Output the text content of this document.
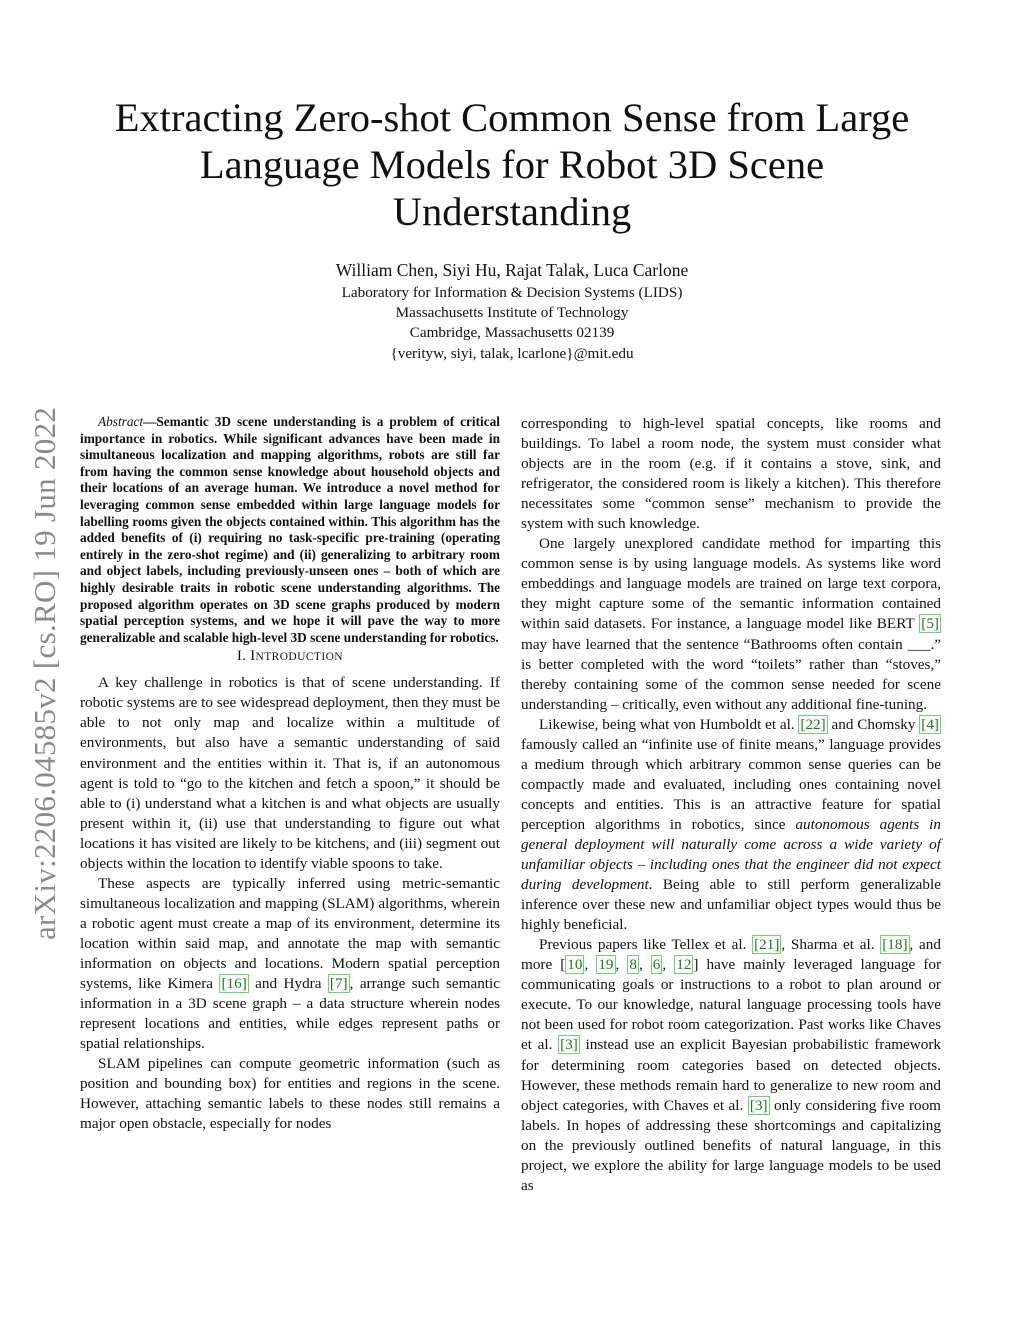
arXiv:2206.04585v2 [cs.RO] 19 Jun 2022
Extracting Zero-shot Common Sense from Large
Language Models for Robot 3D Scene
Understanding
William Chen, Siyi Hu, Rajat Talak, Luca Carlone
Laboratory for Information & Decision Systems (LIDS)
Massachusetts Institute of Technology
Cambridge, Massachusetts 02139
{verityw, siyi, talak, lcarlone}@mit.edu

Abstract—Semantic 3D scene understanding is a problem of critical importance in robotics. While significant advances have been made in simultaneous localization and mapping algorithms, robots are still far from having the common sense knowledge about household objects and their locations of an average human. We introduce a novel method for leveraging common sense embedded within large language models for labelling rooms given the objects contained within. This algorithm has the added benefits of (i) requiring no task-specific pre-training (operating entirely in the zero-shot regime) and (ii) generalizing to arbitrary room and object labels, including previously-unseen ones – both of which are highly desirable traits in robotic scene understanding algorithms. The proposed algorithm operates on 3D scene graphs produced by modern spatial perception systems, and we hope it will pave the way to more generalizable and scalable high-level 3D scene understanding for robotics.

I. INTRODUCTION

A key challenge in robotics is that of scene understanding. If robotic systems are to see widespread deployment, then they must be able to not only map and localize within a multitude of environments, but also have a semantic understanding of said environment and the entities within it. That is, if an autonomous agent is told to “go to the kitchen and fetch a spoon,” it should be able to (i) understand what a kitchen is and what objects are usually present within it, (ii) use that understanding to figure out what locations it has visited are likely to be kitchens, and (iii) segment out objects within the location to identify viable spoons to take.

These aspects are typically inferred using metric-semantic simultaneous localization and mapping (SLAM) algorithms, wherein a robotic agent must create a map of its environment, determine its location within said map, and annotate the map with semantic information on objects and locations. Modern spatial perception systems, like Kimera [16] and Hydra [7] , arrange such semantic information in a 3D scene graph – a data structure wherein nodes represent locations and entities, while edges represent paths or spatial relationships.

SLAM pipelines can compute geometric information (such as position and bounding box) for entities and regions in the scene. However, attaching semantic labels to these nodes still remains a major open obstacle, especially for nodes

corresponding to high-level spatial concepts, like rooms and buildings. To label a room node, the system must consider what objects are in the room (e.g. if it contains a stove, sink, and refrigerator, the considered room is likely a kitchen). This therefore necessitates some “common sense” mechanism to provide the system with such knowledge.

One largely unexplored candidate method for imparting this common sense is by using language models. As systems like word embeddings and language models are trained on large text corpora, they might capture some of the semantic information contained within said datasets. For instance, a language model like BERT [5] may have learned that the sentence “Bathrooms often contain ___.” is better completed with the word “toilets” rather than “stoves,” thereby containing some of the common sense needed for scene understanding – critically, even without any additional fine-tuning.

Likewise, being what von Humboldt et al. [22] and Chomsky [4] famously called an “infinite use of finite means,” language provides a medium through which arbitrary common sense queries can be compactly made and evaluated, including ones containing novel concepts and entities. This is an attractive feature for spatial perception algorithms in robotics, since autonomous agents in general deployment will naturally come across a wide variety of unfamiliar objects – including ones that the engineer did not expect during development. Being able to still perform generalizable inference over these new and unfamiliar object types would thus be highly beneficial.

Previous papers like Tellex et al. [21] , Sharma et al. [18] , and more [ 10 , 19 , 8 , 6 , 12 ] have mainly leveraged language for communicating goals or instructions to a robot to plan around or execute. To our knowledge, natural language processing tools have not been used for robot room categorization. Past works like Chaves et al. [3] instead use an explicit Bayesian probabilistic framework for determining room categories based on detected objects. However, these methods remain hard to generalize to new room and object categories, with Chaves et al. [3] only considering five room labels. In hopes of addressing these shortcomings and capitalizing on the previously outlined benefits of natural language, in this project, we explore the ability for large language models to be used as
